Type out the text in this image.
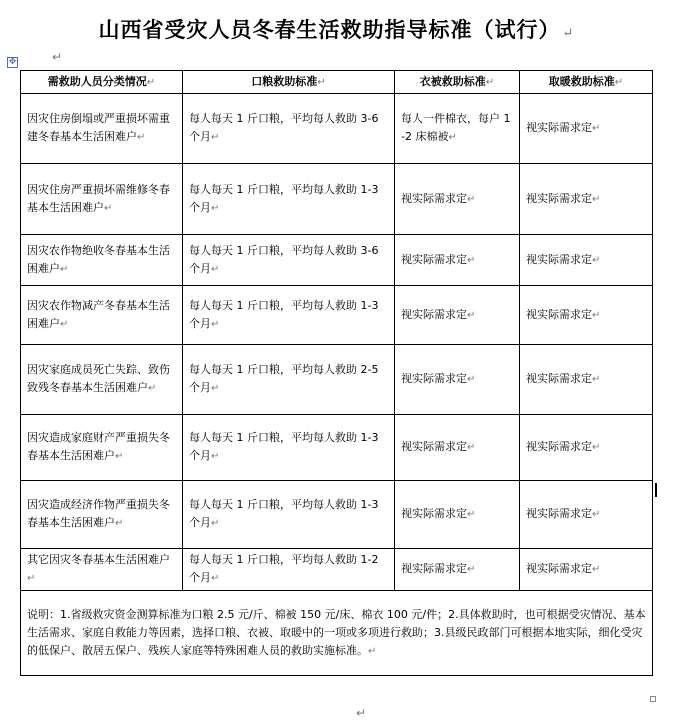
山西省受灾人员冬春生活救助指导标准（试行） ↵
↵
✥
需救助人员分类情况↵	口粮救助标准↵	衣被救助标准↵	取暖救助标准↵
因灾住房倒塌或严重损坏需重建冬春基本生活困难户↵	每人每天 1 斤口粮，平均每人救助 3-6 个月↵	每人一件棉衣，每户 1-2 床棉被↵	视实际需求定↵
因灾住房严重损坏需维修冬春基本生活困难户↵	每人每天 1 斤口粮，平均每人救助 1-3 个月↵	视实际需求定↵	视实际需求定↵
因灾农作物绝收冬春基本生活困难户↵	每人每天 1 斤口粮，平均每人救助 3-6 个月↵	视实际需求定↵	视实际需求定↵
因灾农作物减产冬春基本生活困难户↵	每人每天 1 斤口粮，平均每人救助 1-3 个月↵	视实际需求定↵	视实际需求定↵
因灾家庭成员死亡失踪、致伤致残冬春基本生活困难户↵	每人每天 1 斤口粮，平均每人救助 2-5 个月↵	视实际需求定↵	视实际需求定↵
因灾造成家庭财产严重损失冬春基本生活困难户↵	每人每天 1 斤口粮，平均每人救助 1-3 个月↵	视实际需求定↵	视实际需求定↵
因灾造成经济作物严重损失冬春基本生活困难户↵	每人每天 1 斤口粮，平均每人救助 1-3 个月↵	视实际需求定↵	视实际需求定↵
其它因灾冬春基本生活困难户↵	每人每天 1 斤口粮，平均每人救助 1-2 个月↵	视实际需求定↵	视实际需求定↵
说明：1.省级救灾资金测算标准为口粮 2.5 元/斤、棉被 150 元/床、棉衣 100 元/件；2.具体救助时，也可根据受灾情况、基本生活需求、家庭自救能力等因素，选择口粮、衣被、取暖中的一项或多项进行救助；3.县级民政部门可根据本地实际，细化受灾的低保户、散居五保户、残疾人家庭等特殊困难人员的救助实施标准。↵			
↵
